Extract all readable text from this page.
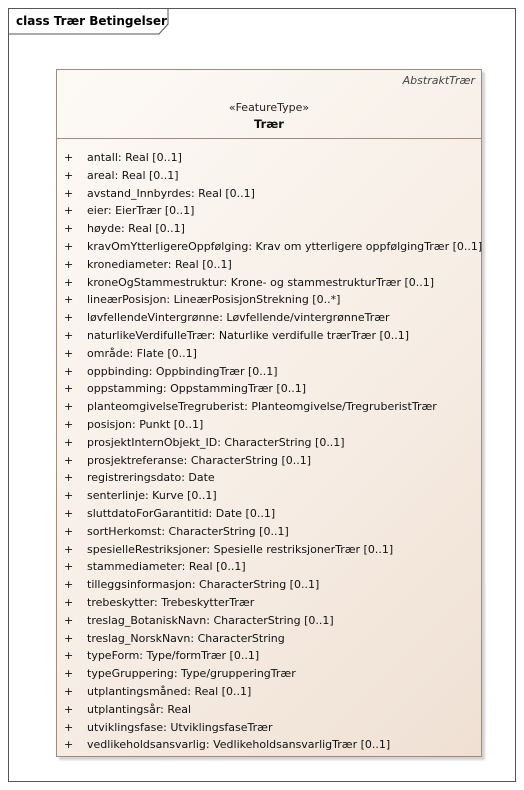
class Trær Betingelser
AbstraktTrær
«FeatureType»
Trær
+ antall: Real [0..1]
+ areal: Real [0..1]
+ avstand_Innbyrdes: Real [0..1]
+ eier: EierTrær [0..1]
+ høyde: Real [0..1]
+ kravOmYtterligereOppfølging: Krav om ytterligere oppfølgingTrær [0..1]
+ kronediameter: Real [0..1]
+ kroneOgStammestruktur: Krone- og stammestrukturTrær [0..1]
+ lineærPosisjon: LineærPosisjonStrekning [0..*]
+ løvfellendeVintergrønne: Løvfellende/vintergrønneTrær
+ naturlikeVerdifulleTrær: Naturlike verdifulle trærTrær [0..1]
+ område: Flate [0..1]
+ oppbinding: OppbindingTrær [0..1]
+ oppstamming: OppstammingTrær [0..1]
+ planteomgivelseTregruberist: Planteomgivelse/TregruberistTrær
+ posisjon: Punkt [0..1]
+ prosjektInternObjekt_ID: CharacterString [0..1]
+ prosjektreferanse: CharacterString [0..1]
+ registreringsdato: Date
+ senterlinje: Kurve [0..1]
+ sluttdatoForGarantitid: Date [0..1]
+ sortHerkomst: CharacterString [0..1]
+ spesielleRestriksjoner: Spesielle restriksjonerTrær [0..1]
+ stammediameter: Real [0..1]
+ tilleggsinformasjon: CharacterString [0..1]
+ trebeskytter: TrebeskytterTrær
+ treslag_BotaniskNavn: CharacterString [0..1]
+ treslag_NorskNavn: CharacterString
+ typeForm: Type/formTrær [0..1]
+ typeGruppering: Type/grupperingTrær
+ utplantingsmåned: Real [0..1]
+ utplantingsår: Real
+ utviklingsfase: UtviklingsfaseTrær
+ vedlikeholdsansvarlig: VedlikeholdsansvarligTrær [0..1]
